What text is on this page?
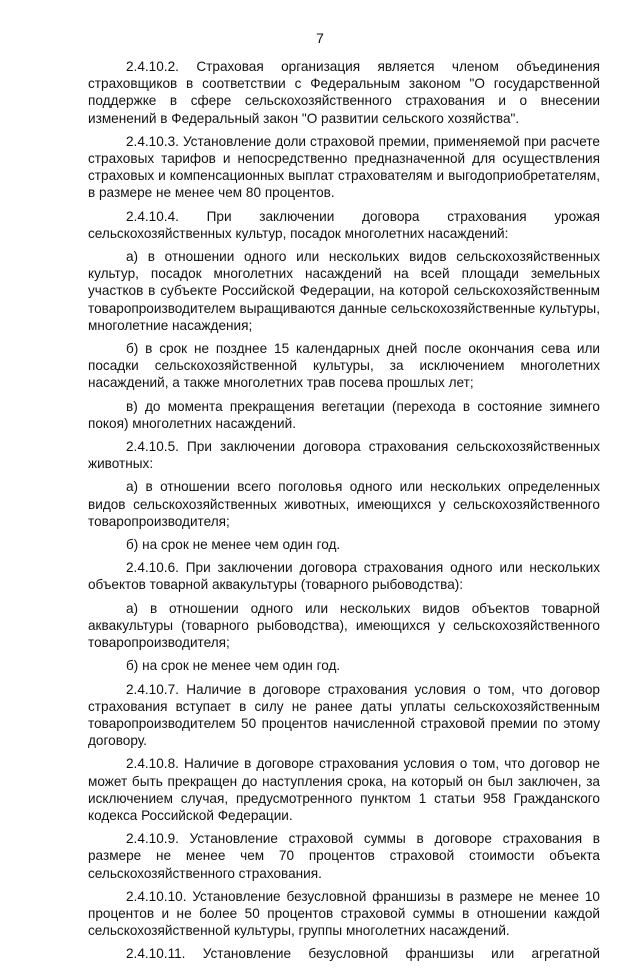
7

2.4.10.2. Страховая организация является членом объединения страховщиков в соответствии с Федеральным законом "О государственной поддержке в сфере сельскохозяйственного страхования и о внесении изменений в Федеральный закон "О развитии сельского хозяйства".

2.4.10.3. Установление доли страховой премии, применяемой при расчете страховых тарифов и непосредственно предназначенной для осуществления страховых и компенсационных выплат страхователям и выгодоприобретателям, в размере не менее чем 80 процентов.

2.4.10.4. При заключении договора страхования урожая сельскохозяйственных культур, посадок многолетних насаждений:

а) в отношении одного или нескольких видов сельскохозяйственных культур, посадок многолетних насаждений на всей площади земельных участков в субъекте Российской Федерации, на которой сельскохозяйственным товаропроизводителем выращиваются данные сельскохозяйственные культуры, многолетние насаждения;

б) в срок не позднее 15 календарных дней после окончания сева или посадки сельскохозяйственной культуры, за исключением многолетних насаждений, а также многолетних трав посева прошлых лет;

в) до момента прекращения вегетации (перехода в состояние зимнего покоя) многолетних насаждений.

2.4.10.5. При заключении договора страхования сельскохозяйственных животных:

а) в отношении всего поголовья одного или нескольких определенных видов сельскохозяйственных животных, имеющихся у сельскохозяйственного товаропроизводителя;

б) на срок не менее чем один год.

2.4.10.6. При заключении договора страхования одного или нескольких объектов товарной аквакультуры (товарного рыбоводства):

а) в отношении одного или нескольких видов объектов товарной аквакультуры (товарного рыбоводства), имеющихся у сельскохозяйственного товаропроизводителя;

б) на срок не менее чем один год.

2.4.10.7. Наличие в договоре страхования условия о том, что договор страхования вступает в силу не ранее даты уплаты сельскохозяйственным товаропроизводителем 50 процентов начисленной страховой премии по этому договору.

2.4.10.8. Наличие в договоре страхования условия о том, что договор не может быть прекращен до наступления срока, на который он был заключен, за исключением случая, предусмотренного пунктом 1 статьи 958 Гражданского кодекса Российской Федерации.

2.4.10.9. Установление страховой суммы в договоре страхования в размере не менее чем 70 процентов страховой стоимости объекта сельскохозяйственного страхования.

2.4.10.10. Установление безусловной франшизы в размере не менее 10 процентов и не более 50 процентов страховой суммы в отношении каждой сельскохозяйственной культуры, группы многолетних насаждений.

2.4.10.11. Установление безусловной франшизы или агрегатной
